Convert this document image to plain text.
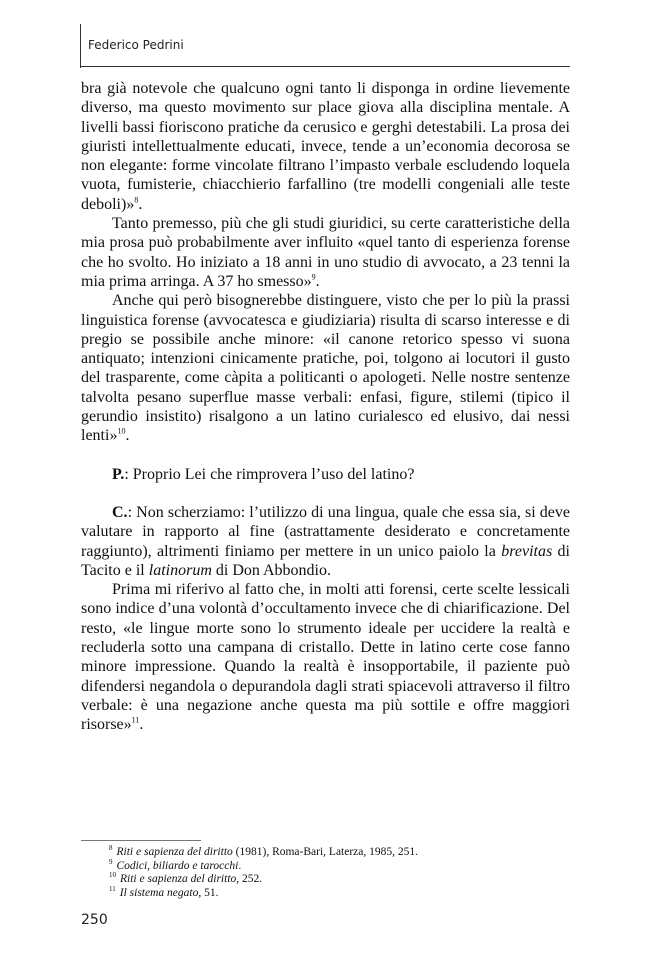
Federico Pedrini

bra già notevole che qualcuno ogni tanto li disponga in ordine lievemente diverso, ma questo movimento sur place giova alla disciplina mentale. A livelli bassi fioriscono pratiche da cerusico e gerghi detestabili. La prosa dei giuristi intellettualmente educati, invece, tende a un’economia decorosa se non elegante: forme vincolate filtrano l’impasto verbale escludendo loquela vuota, fumisterie, chiacchierio farfallino (tre modelli congeniali alle teste deboli)»$^8$.

Tanto premesso, più che gli studi giuridici, su certe caratteristiche della mia prosa può probabilmente aver influito «quel tanto di esperienza forense che ho svolto. Ho iniziato a 18 anni in uno studio di avvocato, a 23 tenni la mia prima arringa. A 37 ho smesso»$^9$.

Anche qui però bisognerebbe distinguere, visto che per lo più la prassi linguistica forense (avvocatesca e giudiziaria) risulta di scarso interesse e di pregio se possibile anche minore: «il canone retorico spesso vi suona antiquato; intenzioni cinicamente pratiche, poi, tolgono ai locutori il gusto del trasparente, come càpita a politicanti o apologeti. Nelle nostre sentenze talvolta pesano superflue masse verbali: enfasi, figure, stilemi (tipico il gerundio insistito) risalgono a un latino curialesco ed elusivo, dai nessi lenti»$^{10}$.

P.: Proprio Lei che rimprovera l’uso del latino?

C.: Non scherziamo: l’utilizzo di una lingua, quale che essa sia, si deve valutare in rapporto al fine (astrattamente desiderato e concretamente raggiunto), altrimenti finiamo per mettere in un unico paiolo la brevitas di Tacito e il latinorum di Don Abbondio.

Prima mi riferivo al fatto che, in molti atti forensi, certe scelte lessicali sono indice d’una volontà d’occultamento invece che di chiarificazione. Del resto, «le lingue morte sono lo strumento ideale per uccidere la realtà e recluderla sotto una campana di cristallo. Dette in latino certe cose fanno minore impressione. Quando la realtà è insopportabile, il paziente può difendersi negandola o depurandola dagli strati spiacevoli attraverso il filtro verbale: è una negazione anche questa ma più sottile e offre maggiori risorse»$^{11}$.

$^8$ Riti e sapienza del diritto (1981), Roma-Bari, Laterza, 1985, 251.
$^9$ Codici, biliardo e tarocchi.
$^{10}$ Riti e sapienza del diritto, 252.
$^{11}$ Il sistema negato, 51.
250
